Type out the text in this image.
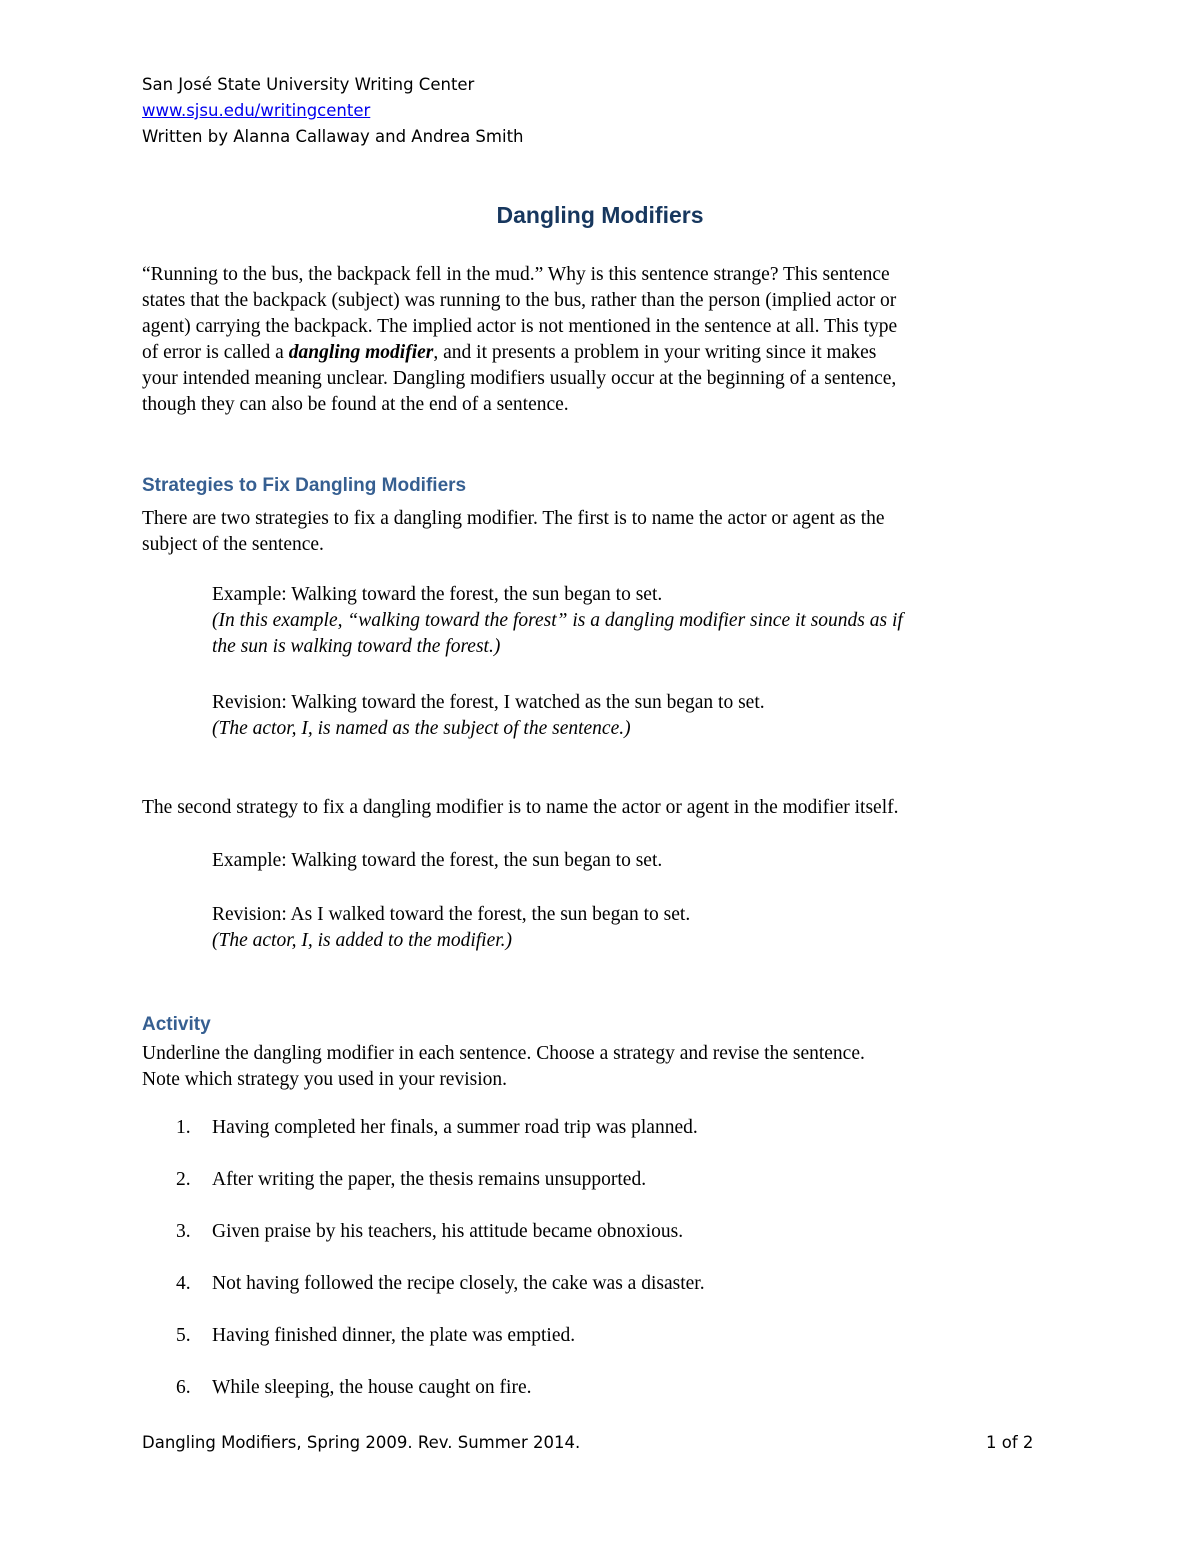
San José State University Writing Center
www.sjsu.edu/writingcenter
Written by Alanna Callaway and Andrea Smith
Dangling Modifiers

“Running to the bus, the backpack fell in the mud.” Why is this sentence strange? This sentence

states that the backpack (subject) was running to the bus, rather than the person (implied actor or

agent) carrying the backpack. The implied actor is not mentioned in the sentence at all. This type

of error is called a dangling modifier, and it presents a problem in your writing since it makes

your intended meaning unclear. Dangling modifiers usually occur at the beginning of a sentence,

though they can also be found at the end of a sentence.

Strategies to Fix Dangling Modifiers

There are two strategies to fix a dangling modifier. The first is to name the actor or agent as the

subject of the sentence.

Example: Walking toward the forest, the sun began to set.

(In this example, “walking toward the forest” is a dangling modifier since it sounds as if

the sun is walking toward the forest.)

Revision: Walking toward the forest, I watched as the sun began to set.

(The actor, I, is named as the subject of the sentence.)

The second strategy to fix a dangling modifier is to name the actor or agent in the modifier itself.
Example: Walking toward the forest, the sun began to set.

Revision: As I walked toward the forest, the sun began to set.

(The actor, I, is added to the modifier.)

Activity

Underline the dangling modifier in each sentence. Choose a strategy and revise the sentence.

Note which strategy you used in your revision.

1. Having completed her finals, a summer road trip was planned.
2. After writing the paper, the thesis remains unsupported.
3. Given praise by his teachers, his attitude became obnoxious.
4. Not having followed the recipe closely, the cake was a disaster.
5. Having finished dinner, the plate was emptied.
6. While sleeping, the house caught on fire.
Dangling Modifiers, Spring 2009. Rev. Summer 2014.	1 of 2
